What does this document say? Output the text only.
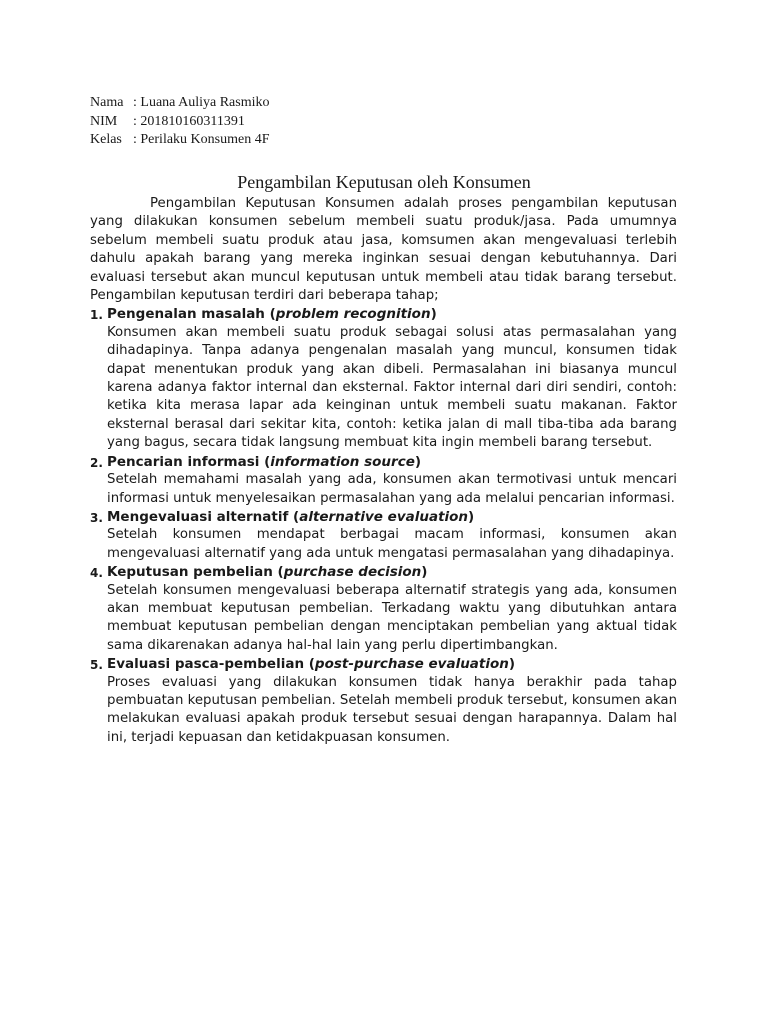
Nama : Luana Auliya Rasmiko
NIM	: 201810160311391
Kelas : Perilaku Konsumen 4F
Pengambilan Keputusan oleh Konsumen

Pengambilan Keputusan Konsumen adalah proses pengambilan keputusan yang dilakukan konsumen sebelum membeli suatu produk/jasa. Pada umumnya sebelum membeli suatu produk atau jasa, komsumen akan mengevaluasi terlebih dahulu apakah barang yang mereka inginkan sesuai dengan kebutuhannya. Dari evaluasi tersebut akan muncul keputusan untuk membeli atau tidak barang tersebut. Pengambilan keputusan terdiri dari beberapa tahap;

1. Pengenalan masalah (problem recognition)

Konsumen akan membeli suatu produk sebagai solusi atas permasalahan yang dihadapinya. Tanpa adanya pengenalan masalah yang muncul, konsumen tidak dapat menentukan produk yang akan dibeli. Permasalahan ini biasanya muncul karena adanya faktor internal dan eksternal. Faktor internal dari diri sendiri, contoh: ketika kita merasa lapar ada keinginan untuk membeli suatu makanan. Faktor eksternal berasal dari sekitar kita, contoh: ketika jalan di mall tiba-tiba ada barang yang bagus, secara tidak langsung membuat kita ingin membeli barang tersebut.

2. Pencarian informasi (information source)

Setelah memahami masalah yang ada, konsumen akan termotivasi untuk mencari informasi untuk menyelesaikan permasalahan yang ada melalui pencarian informasi.

3. Mengevaluasi alternatif (alternative evaluation)

Setelah konsumen mendapat berbagai macam informasi, konsumen akan mengevaluasi alternatif yang ada untuk mengatasi permasalahan yang dihadapinya.

4. Keputusan pembelian (purchase decision)

Setelah konsumen mengevaluasi beberapa alternatif strategis yang ada, konsumen akan membuat keputusan pembelian. Terkadang waktu yang dibutuhkan antara membuat keputusan pembelian dengan menciptakan pembelian yang aktual tidak sama dikarenakan adanya hal-hal lain yang perlu dipertimbangkan.

5. Evaluasi pasca-pembelian (post-purchase evaluation)

Proses evaluasi yang dilakukan konsumen tidak hanya berakhir pada tahap pembuatan keputusan pembelian. Setelah membeli produk tersebut, konsumen akan melakukan evaluasi apakah produk tersebut sesuai dengan harapannya. Dalam hal ini, terjadi kepuasan dan ketidakpuasan konsumen.
